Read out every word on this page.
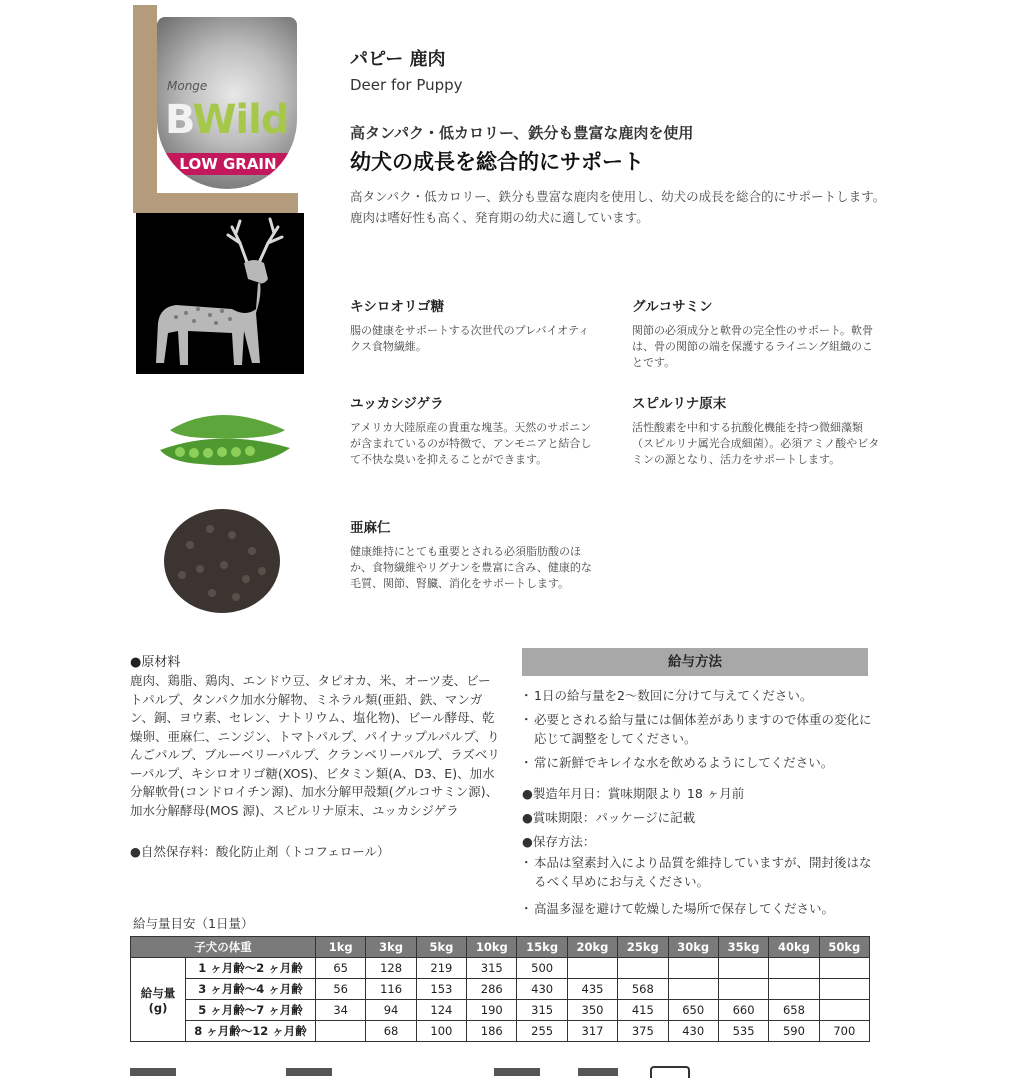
Monge
BWild
LOW GRAIN
パピー 鹿肉
Deer for Puppy
高タンパク・低カロリー、鉄分も豊富な鹿肉を使用
幼犬の成長を総合的にサポート
高タンパク・低カロリー、鉄分も豊富な鹿肉を使用し、幼犬の成長を総合的にサポートします。鹿肉は嗜好性も高く、発育期の幼犬に適しています。
キシロオリゴ糖
腸の健康をサポートする次世代のプレバイオティクス食物繊維。
グルコサミン
関節の必須成分と軟骨の完全性のサポート。軟骨は、骨の関節の端を保護するライニング組織のことです。
ユッカシジゲラ
アメリカ大陸原産の貴重な塊茎。天然のサポニンが含まれているのが特徴で、アンモニアと結合して不快な臭いを抑えることができます。
スピルリナ原末
活性酸素を中和する抗酸化機能を持つ微細藻類（スピルリナ属光合成細菌）。必須アミノ酸やビタミンの源となり、活力をサポートします。
亜麻仁
健康維持にとても重要とされる必須脂肪酸のほか、食物繊維やリグナンを豊富に含み、健康的な毛質、関節、腎臓、消化をサポートします。
●原材料
鹿肉、鶏脂、鶏肉、エンドウ豆、タピオカ、米、オーツ麦、ビートパルプ、タンパク加水分解物、ミネラル類(亜鉛、鉄、マンガン、銅、ヨウ素、セレン、ナトリウム、塩化物)、ビール酵母、乾燥卵、亜麻仁、ニンジン、トマトパルプ、パイナップルパルプ、りんごパルプ、ブルーベリーパルプ、クランベリーパルプ、ラズベリーパルプ、キシロオリゴ糖(XOS)、ビタミン類(A、D3、E)、加水分解軟骨(コンドロイチン源)、加水分解甲殻類(グルコサミン源)、加水分解酵母(MOS 源)、スピルリナ原末、ユッカシジゲラ
●自然保存料：酸化防止剤（トコフェロール）
給与方法
・ 1日の給与量を2〜数回に分けて与えてください。
・ 必要とされる給与量には個体差がありますので体重の変化に応じて調整をしてください。
・ 常に新鮮でキレイな水を飲めるようにしてください。
●製造年月日：賞味期限より 18 ヶ月前
●賞味期限：パッケージに記載
●保存方法：
・ 本品は窒素封入により品質を維持していますが、開封後はなるべく早めにお与えください。
・ 高温多湿を避けて乾燥した場所で保存してください。
給与量目安（1日量）
子犬の体重		1kg	3kg	5kg	10kg	15kg	20kg	25kg	30kg	35kg	40kg	50kg
給与量
(g)	1 ヶ月齢〜2 ヶ月齢	65	128	219	315	500						
	3 ヶ月齢〜4 ヶ月齢	56	116	153	286	430	435	568				
	5 ヶ月齢〜7 ヶ月齢	34	94	124	190	315	350	415	650	660	658	
	8 ヶ月齢〜12 ヶ月齢		68	100	186	255	317	375	430	535	590	700
